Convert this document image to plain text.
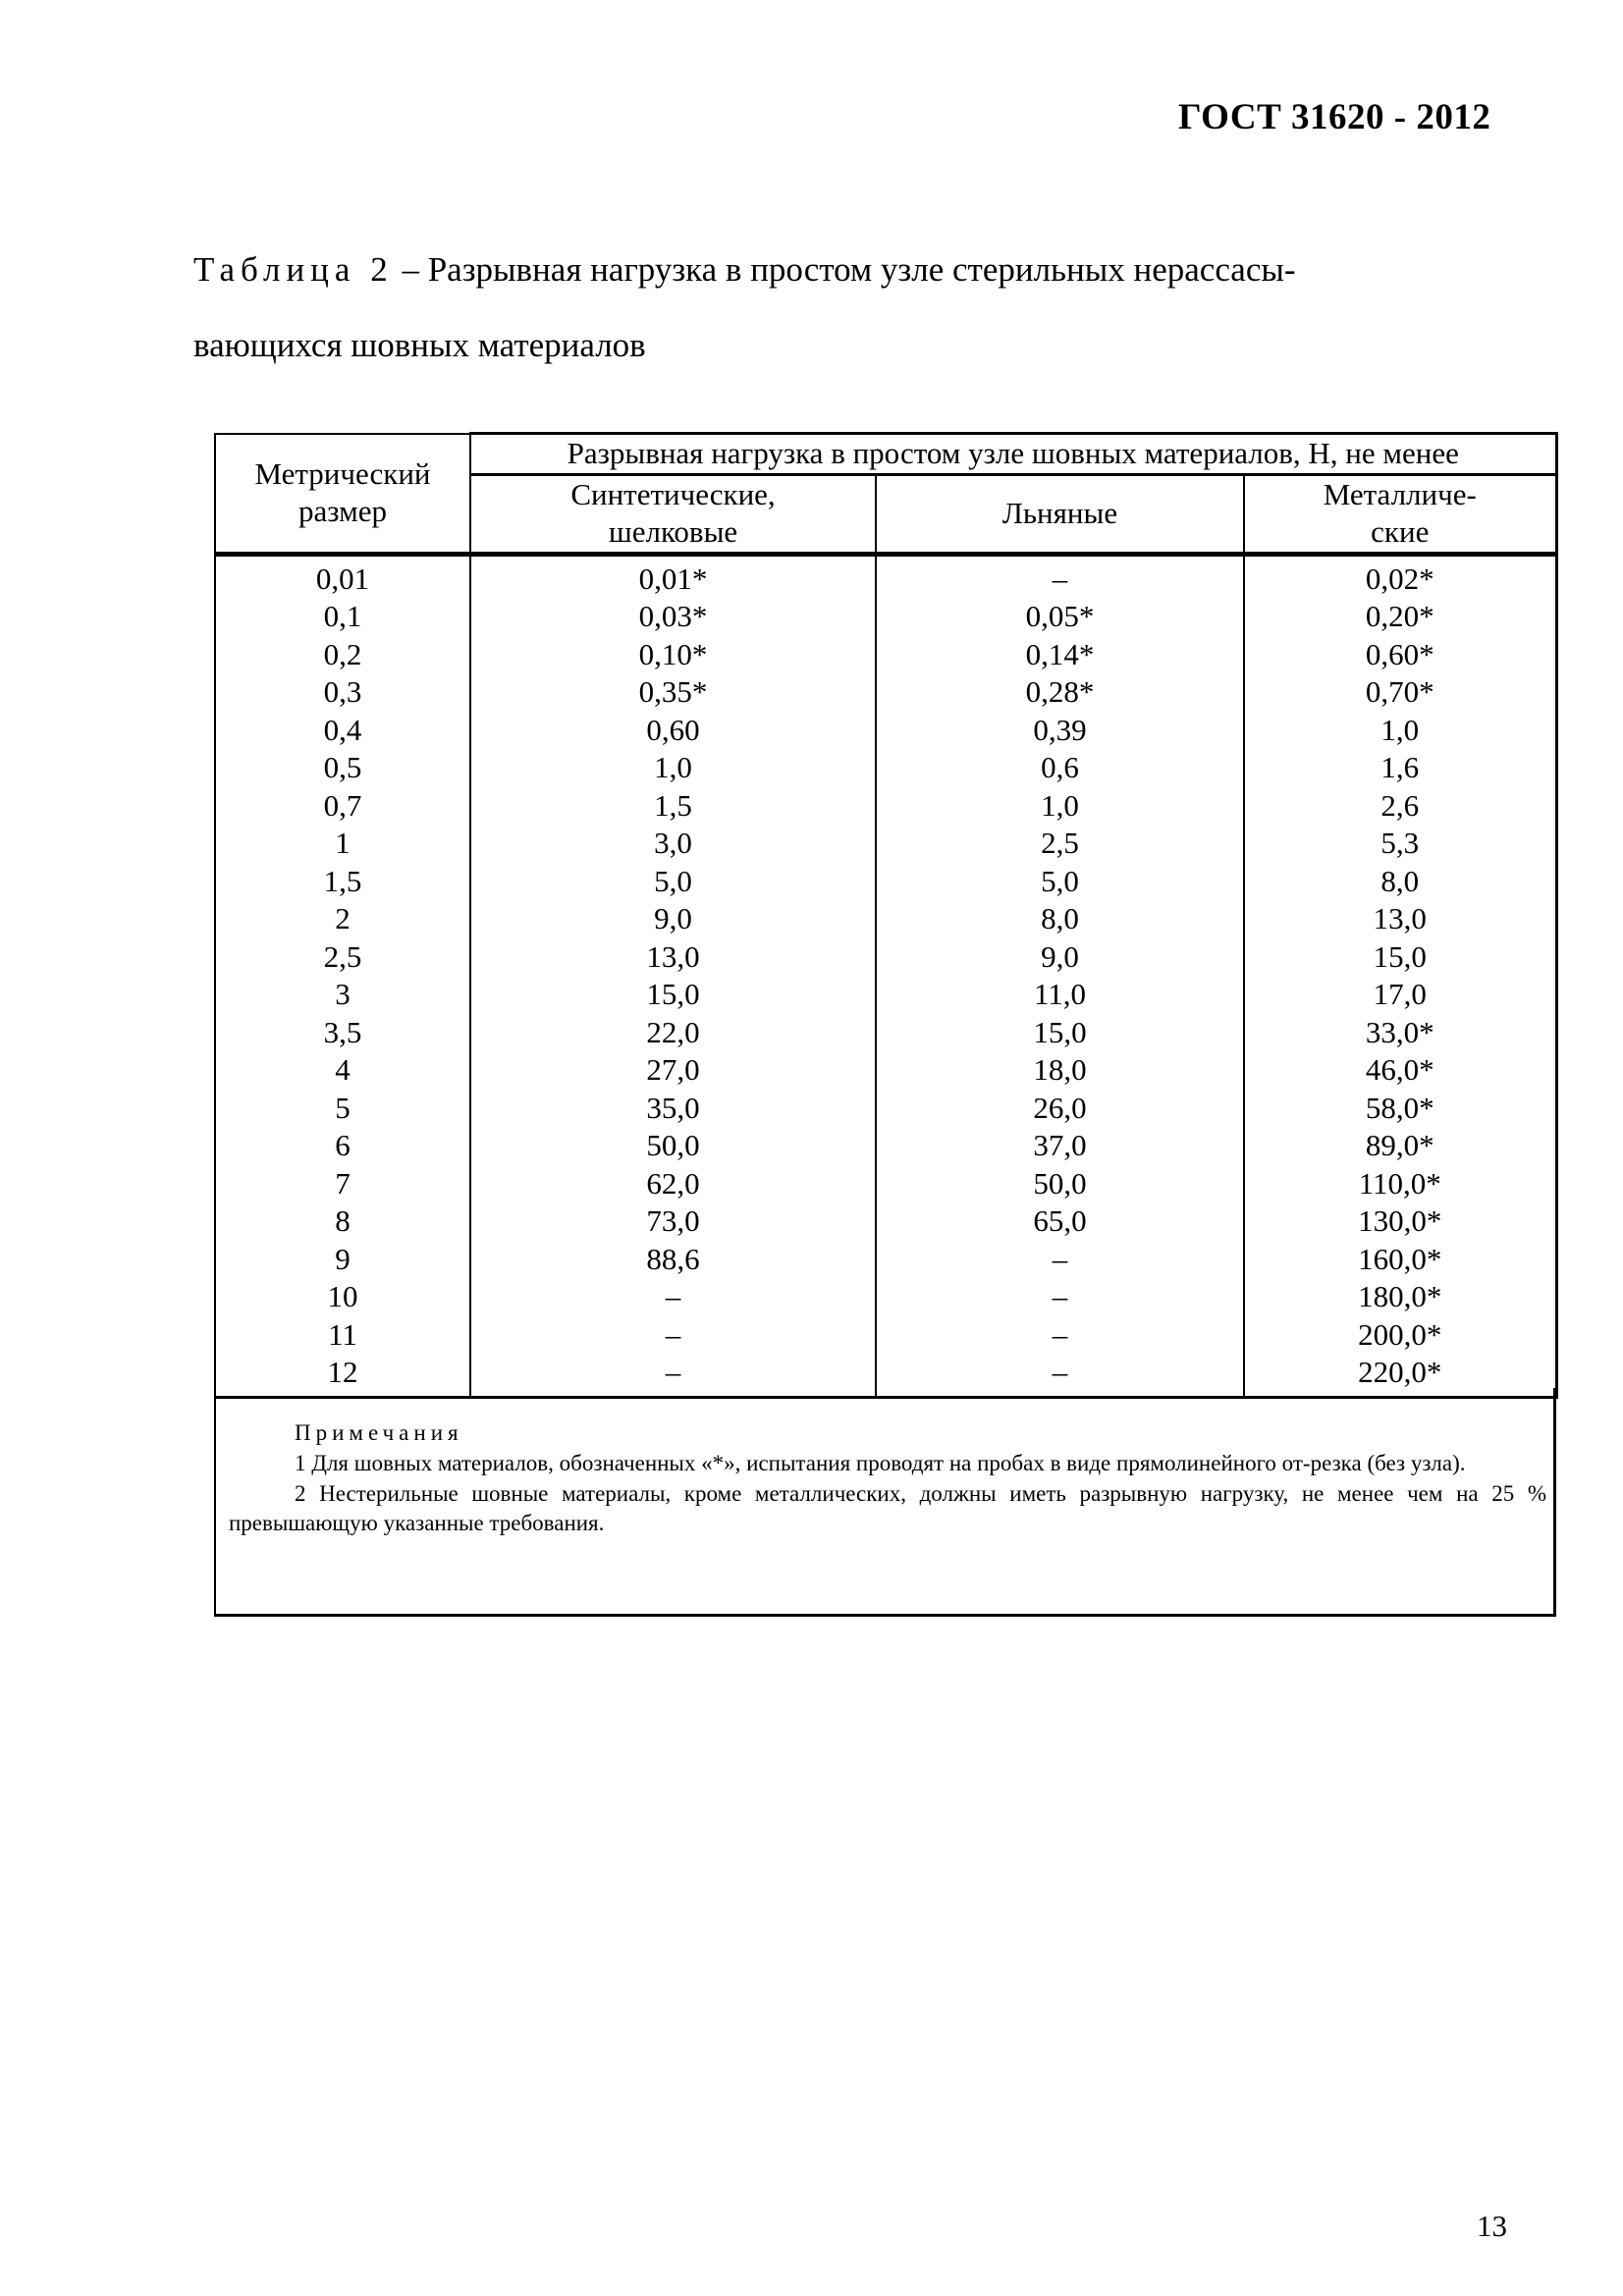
ГОСТ 31620 - 2012
Таблица 2 – Разрывная нагрузка в простом узле стерильных нерассасы-
вающихся шовных материалов
Метрический размер	Разрывная нагрузка в простом узле шовных материалов, Н, не менее		
	Синтетические, шелковые	Льняные	Металличе-ские
0,01	0,01*	–	0,02*
0,1	0,03*	0,05*	0,20*
0,2	0,10*	0,14*	0,60*
0,3	0,35*	0,28*	0,70*
0,4	0,60	0,39	1,0
0,5	1,0	0,6	1,6
0,7	1,5	1,0	2,6
1	3,0	2,5	5,3
1,5	5,0	5,0	8,0
2	9,0	8,0	13,0
2,5	13,0	9,0	15,0
3	15,0	11,0	17,0
3,5	22,0	15,0	33,0*
4	27,0	18,0	46,0*
5	35,0	26,0	58,0*
6	50,0	37,0	89,0*
7	62,0	50,0	110,0*
8	73,0	65,0	130,0*
9	88,6	–	160,0*
10	–	–	180,0*
11	–	–	200,0*
12	–	–	220,0*
Примечания
1 Для шовных материалов, обозначенных «*», испытания проводят на пробах в виде прямолинейного от-резка (без узла).
2 Нестерильные шовные материалы, кроме металлических, должны иметь разрывную нагрузку, не менее чем на 25 % превышающую указанные требования.
13
